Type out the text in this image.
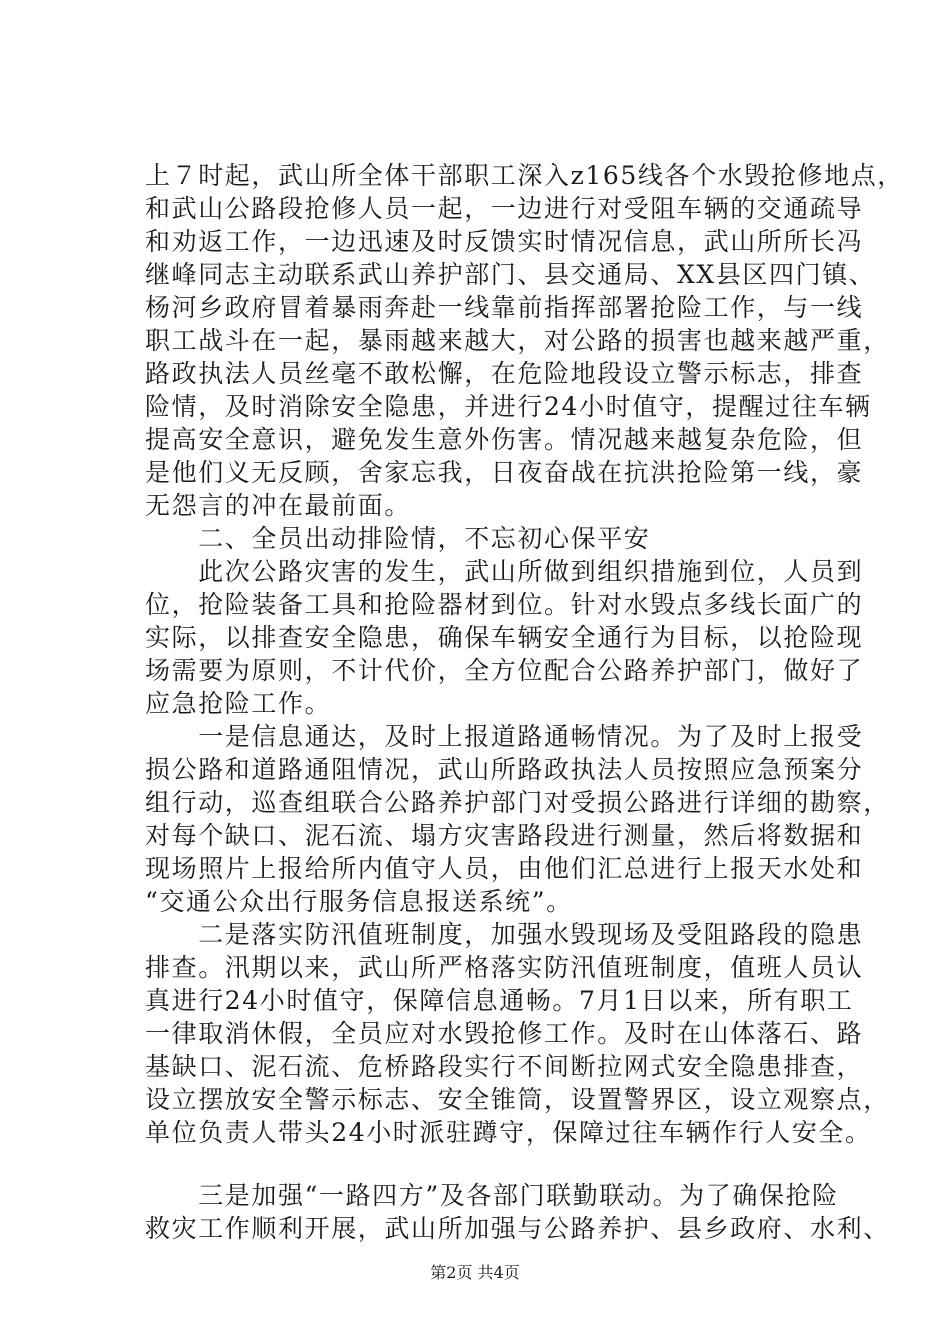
上７时起，武山所全体干部职工深入z165线各个水毁抢修地点，
和武山公路段抢修人员一起，一边进行对受阻车辆的交通疏导
和劝返工作，一边迅速及时反馈实时情况信息，武山所所长冯
继峰同志主动联系武山养护部门、县交通局、XX县区四门镇、
杨河乡政府冒着暴雨奔赴一线靠前指挥部署抢险工作，与一线
职工战斗在一起，暴雨越来越大，对公路的损害也越来越严重，
路政执法人员丝毫不敢松懈，在危险地段设立警示标志，排查
险情，及时消除安全隐患，并进行24小时值守，提醒过往车辆
提高安全意识，避免发生意外伤害。情况越来越复杂危险，但
是他们义无反顾，舍家忘我，日夜奋战在抗洪抢险第一线，豪
无怨言的冲在最前面。
　　二、全员出动排险情，不忘初心保平安
　　此次公路灾害的发生，武山所做到组织措施到位，人员到
位，抢险装备工具和抢险器材到位。针对水毁点多线长面广的
实际，以排查安全隐患，确保车辆安全通行为目标，以抢险现
场需要为原则，不计代价，全方位配合公路养护部门，做好了
应急抢险工作。
　　一是信息通达，及时上报道路通畅情况。为了及时上报受
损公路和道路通阻情况，武山所路政执法人员按照应急预案分
组行动，巡查组联合公路养护部门对受损公路进行详细的勘察，
对每个缺口、泥石流、塌方灾害路段进行测量，然后将数据和
现场照片上报给所内值守人员，由他们汇总进行上报天水处和
“交通公众出行服务信息报送系统”。
　　二是落实防汛值班制度，加强水毁现场及受阻路段的隐患
排查。汛期以来，武山所严格落实防汛值班制度，值班人员认
真进行24小时值守，保障信息通畅。7月1日以来，所有职工
一律取消休假，全员应对水毁抢修工作。及时在山体落石、路
基缺口、泥石流、危桥路段实行不间断拉网式安全隐患排查，
设立摆放安全警示标志、安全锥筒，设置警界区，设立观察点，
单位负责人带头24小时派驻蹲守，保障过往车辆作行人安全。
　　三是加强“一路四方”及各部门联勤联动。为了确保抢险
救灾工作顺利开展，武山所加强与公路养护、县乡政府、水利、
第2页 共4页
